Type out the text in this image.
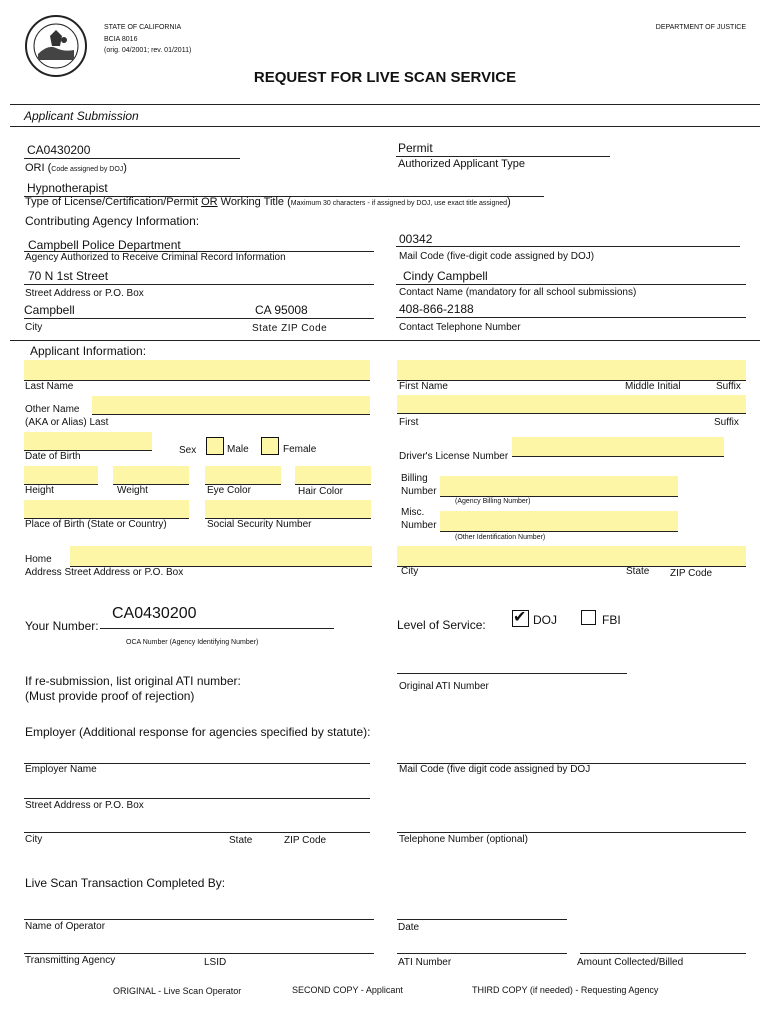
STATE OF CALIFORNIA
BCIA 8016
(orig. 04/2001; rev. 01/2011)
DEPARTMENT OF JUSTICE
REQUEST FOR LIVE SCAN SERVICE
Applicant Submission
CA0430200
ORI (Code assigned by DOJ)
Permit
Authorized Applicant Type
Hypnotherapist
Type of License/Certification/Permit OR Working Title (Maximum 30 characters - if assigned by DOJ, use exact title assigned)
Contributing Agency Information:
Campbell Police Department
Agency Authorized to Receive Criminal Record Information
00342
Mail Code (five-digit code assigned by DOJ)
70 N 1st Street
Street Address or P.O. Box
Cindy Campbell
Contact Name (mandatory for all school submissions)
Campbell	CA 95008
City	State ZIP Code
408-866-2188
Contact Telephone Number
Applicant Information:
Last Name	First Name	Middle Initial	Suffix
Other Name
(AKA or Alias) Last	First	Suffix
Date of Birth
Sex	Male	Female
Driver's License Number
Height	Weight	Eye Color	Hair Color
Billing
Number
(Agency Billing Number)
Place of Birth (State or Country)	Social Security Number
Misc.
Number
(Other Identification Number)
Home
Address Street Address or P.O. Box	City	State ZIP Code
Your Number:
CA0430200
OCA Number (Agency Identifying Number)
Level of Service: ✔ DOJ	FBI
If re-submission, list original ATI number:
(Must provide proof of rejection)
Original ATI Number
Employer (Additional response for agencies specified by statute):
Employer Name	Mail Code (five digit code assigned by DOJ
Street Address or P.O. Box
City	State	ZIP Code	Telephone Number (optional)
Live Scan Transaction Completed By:
Name of Operator	Date
Transmitting Agency	LSID	ATI Number	Amount Collected/Billed
ORIGINAL - Live Scan Operator	SECOND COPY - Applicant	THIRD COPY (if needed) - Requesting Agency
